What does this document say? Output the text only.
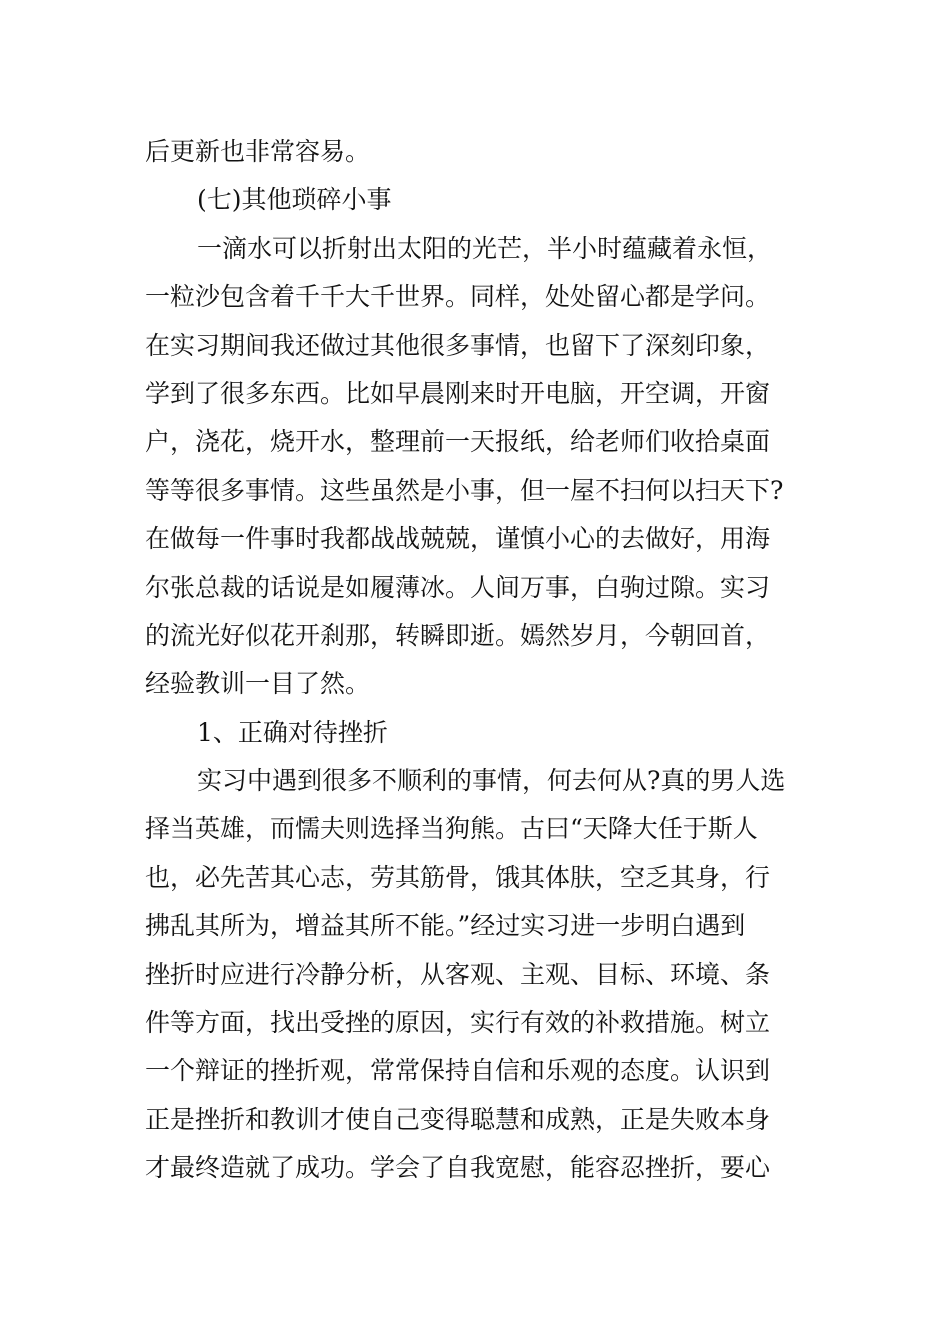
后更新也非常容易。
(七)其他琐碎小事
一滴水可以折射出太阳的光芒，半小时蕴藏着永恒，
一粒沙包含着千千大千世界。同样，处处留心都是学问。
在实习期间我还做过其他很多事情，也留下了深刻印象，
学到了很多东西。比如早晨刚来时开电脑，开空调，开窗
户，浇花，烧开水，整理前一天报纸，给老师们收拾桌面
等等很多事情。这些虽然是小事，但一屋不扫何以扫天下?
在做每一件事时我都战战兢兢，谨慎小心的去做好，用海
尔张总裁的话说是如履薄冰。人间万事，白驹过隙。实习
的流光好似花开刹那，转瞬即逝。嫣然岁月，今朝回首，
经验教训一目了然。
1、正确对待挫折
实习中遇到很多不顺利的事情，何去何从?真的男人选
择当英雄，而懦夫则选择当狗熊。古曰“天降大任于斯人
也，必先苦其心志，劳其筋骨，饿其体肤，空乏其身，行
拂乱其所为，增益其所不能。”经过实习进一步明白遇到
挫折时应进行冷静分析，从客观、主观、目标、环境、条
件等方面，找出受挫的原因，实行有效的补救措施。树立
一个辩证的挫折观，常常保持自信和乐观的态度。认识到
正是挫折和教训才使自己变得聪慧和成熟，正是失败本身
才最终造就了成功。学会了自我宽慰，能容忍挫折，要心
